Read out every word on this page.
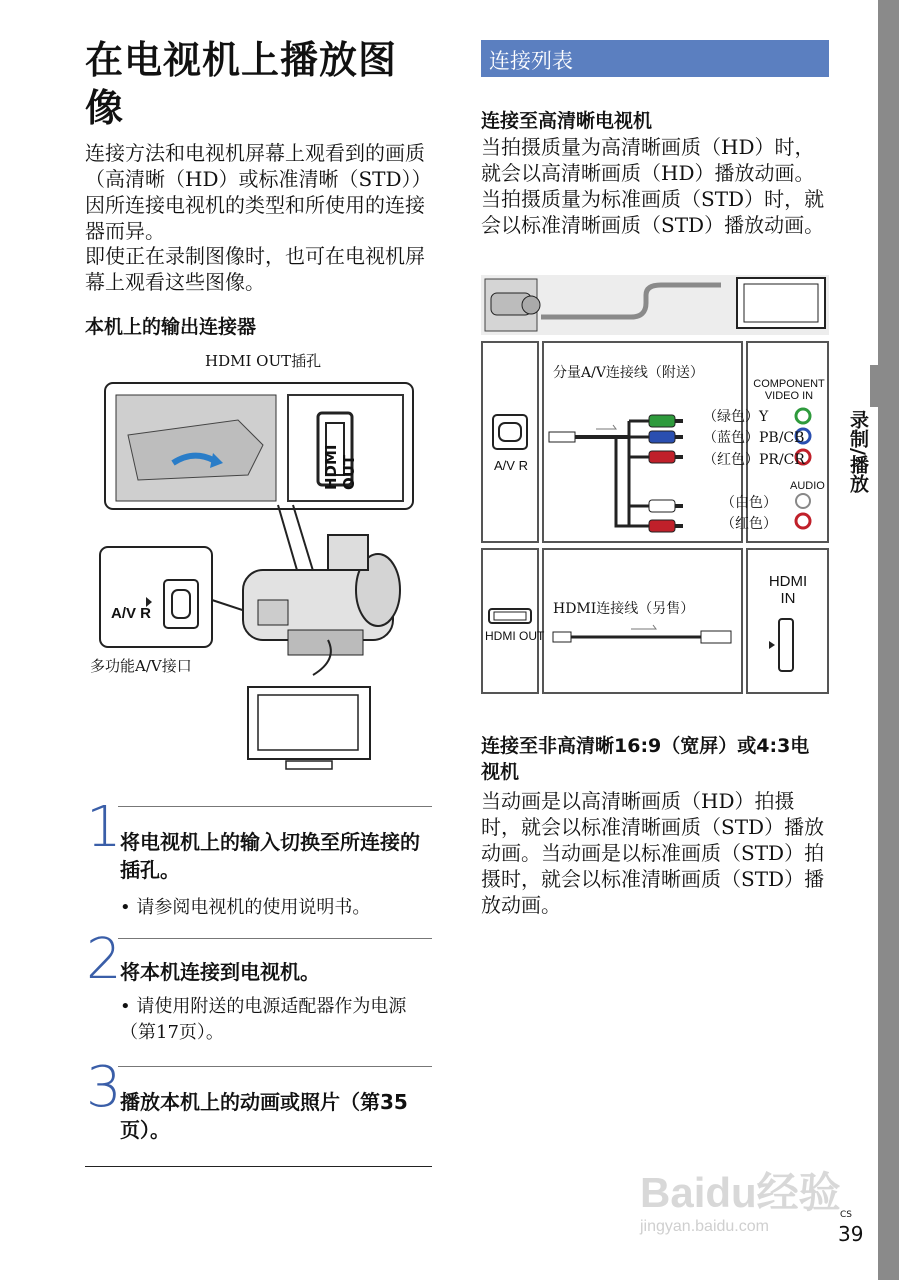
录制/播放
在电视机上播放图像
连接方法和电视机屏幕上观看到的画质（高清晰（HD）或标准清晰（STD））因所连接电视机的类型和所使用的连接器而异。
即使正在录制图像时，也可在电视机屏幕上观看这些图像。
本机上的输出连接器
HDMI OUT插孔
HDMI OUT
A/V R
多功能A/V接口
1
将电视机上的输入切换至所连接的插孔。
• 请参阅电视机的使用说明书。
2
将本机连接到电视机。
• 请使用附送的电源适配器作为电源（第17页）。
3
播放本机上的动画或照片（第35页）。
连接列表
连接至高清晰电视机
当拍摄质量为高清晰画质（HD）时，就会以高清晰画质（HD）播放动画。当拍摄质量为标准画质（STD）时，就会以标准清晰画质（STD）播放动画。
A/V R
分量A/V连接线（附送）
COMPONENT VIDEO IN
（绿色）Y
（蓝色）PB/CB
（红色）PR/CR
AUDIO
（白色）
（红色）
HDMI OUT
HDMI连接线（另售）
HDMI IN
连接至非高清晰16:9（宽屏）或4:3电视机
当动画是以高清晰画质（HD）拍摄时，就会以标准清晰画质（STD）播放动画。当动画是以标准画质（STD）拍摄时，就会以标准清晰画质（STD）播放动画。
Baidu经验
jingyan.baidu.com
CS
39
